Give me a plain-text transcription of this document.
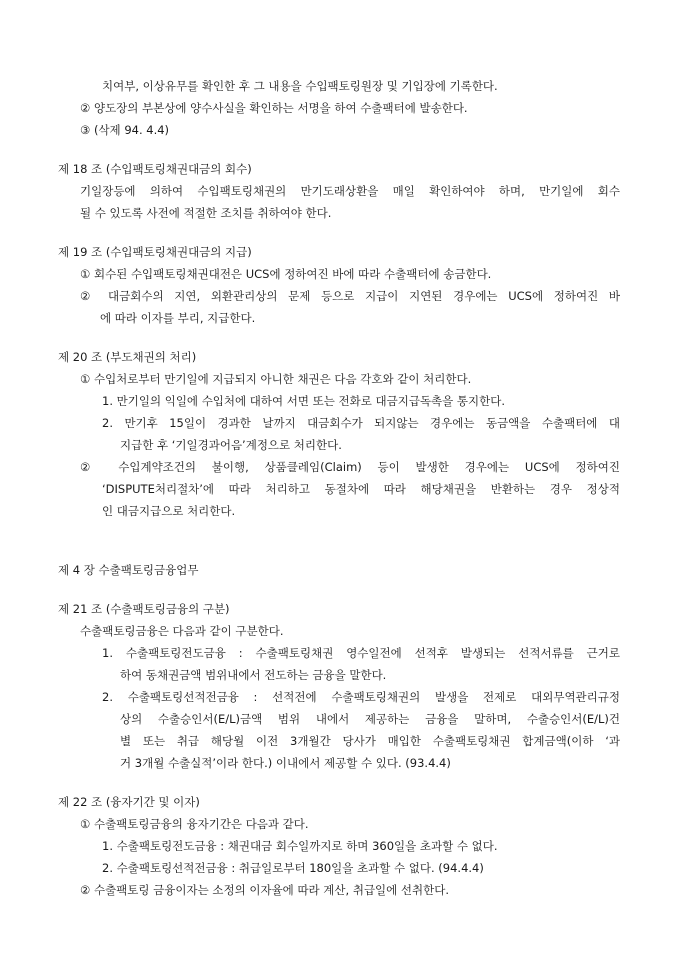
치여부, 이상유무를 확인한 후 그 내용을 수입팩토링원장 및 기입장에 기록한다.
② 양도장의 부본상에 양수사실을 확인하는 서명을 하여 수출팩터에 발송한다.
③ (삭제 94. 4.4)
제 18 조 (수입팩토링채권대금의 회수)
기일장등에 의하여 수입팩토링채권의 만기도래상환을 매일 확인하여야 하며, 만기일에 회수
될 수 있도록 사전에 적절한 조치를 취하여야 한다.
제 19 조 (수입팩토링채권대금의 지급)
① 회수된 수입팩토링채권대전은 UCS에 정하여진 바에 따라 수출팩터에 송금한다.
② 대금회수의 지연, 외환관리상의 문제 등으로 지급이 지연된 경우에는 UCS에 정하여진 바
에 따라 이자를 부리, 지급한다.
제 20 조 (부도채권의 처리)
① 수입처로부터 만기일에 지급되지 아니한 채권은 다음 각호와 같이 처리한다.
1. 만기일의 익일에 수입처에 대하여 서면 또는 전화로 대금지급독촉을 통지한다.
2. 만기후 15일이 경과한 날까지 대금회수가 되지않는 경우에는 동금액을 수출팩터에 대
지급한 후 ‘기일경과어음’계정으로 처리한다.
② 수입계약조건의 불이행, 상품클레임(Claim) 등이 발생한 경우에는 UCS에 정하여진
‘DISPUTE처리절차’에 따라 처리하고 동절차에 따라 해당채권을 반환하는 경우 정상적
인 대금지급으로 처리한다.
제 4 장 수출팩토링금융업무
제 21 조 (수출팩토링금융의 구분)
수출팩토링금융은 다음과 같이 구분한다.
1. 수출팩토링전도금융 : 수출팩토링채권 영수일전에 선적후 발생되는 선적서류를 근거로
하여 동채권금액 범위내에서 전도하는 금융을 말한다.
2. 수출팩토링선적전금융 : 선적전에 수출팩토링채권의 발생을 전제로 대외무역관리규정
상의 수출승인서(E/L)금액 범위 내에서 제공하는 금융을 말하며, 수출승인서(E/L)건
별 또는 취급 해당월 이전 3개월간 당사가 매입한 수출팩토링채권 합계금액(이하 ‘과
거 3개월 수출실적’이라 한다.) 이내에서 제공할 수 있다. (93.4.4)
제 22 조 (융자기간 및 이자)
① 수출팩토링금융의 융자기간은 다음과 같다.
1. 수출팩토링전도금융 : 채권대금 회수일까지로 하며 360일을 초과할 수 없다.
2. 수출팩토링선적전금융 : 취급일로부터 180일을 초과할 수 없다. (94.4.4)
② 수출팩토링 금융이자는 소정의 이자율에 따라 계산, 취급일에 선취한다.
